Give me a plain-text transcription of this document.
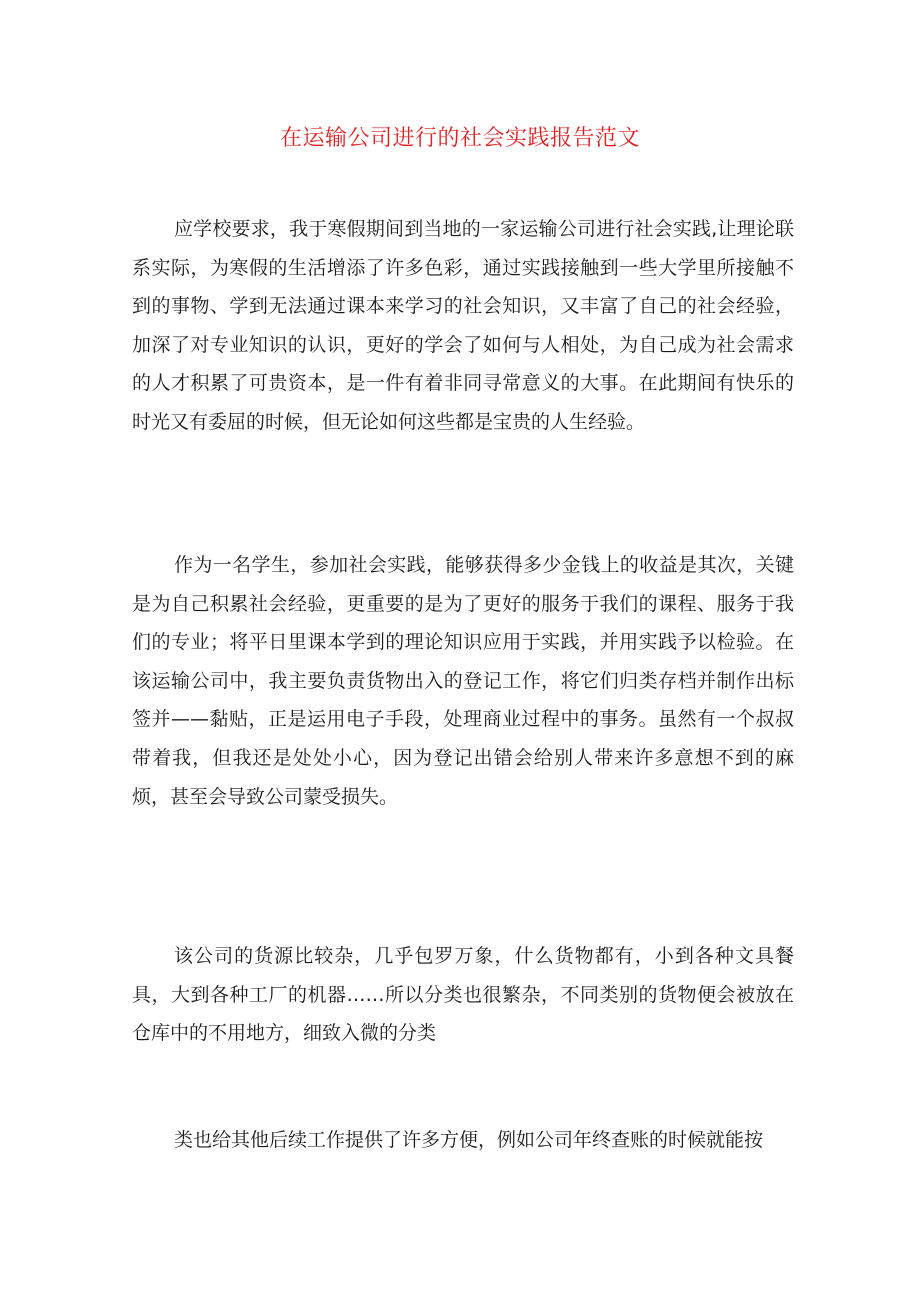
在运输公司进行的社会实践报告范文

应学校要求，我于寒假期间到当地的一家运输公司进行社会实践,让理论联系实际，为寒假的生活增添了许多色彩，通过实践接触到一些大学里所接触不到的事物、学到无法通过课本来学习的社会知识，又丰富了自己的社会经验，加深了对专业知识的认识，更好的学会了如何与人相处，为自己成为社会需求的人才积累了可贵资本，是一件有着非同寻常意义的大事。在此期间有快乐的时光又有委屈的时候，但无论如何这些都是宝贵的人生经验。

作为一名学生，参加社会实践，能够获得多少金钱上的收益是其次，关键是为自己积累社会经验，更重要的是为了更好的服务于我们的课程、服务于我们的专业；将平日里课本学到的理论知识应用于实践，并用实践予以检验。在该运输公司中，我主要负责货物出入的登记工作，将它们归类存档并制作出标签并——黏贴，正是运用电子手段，处理商业过程中的事务。虽然有一个叔叔带着我，但我还是处处小心，因为登记出错会给别人带来许多意想不到的麻烦，甚至会导致公司蒙受损失。

该公司的货源比较杂，几乎包罗万象，什么货物都有，小到各种文具餐具，大到各种工厂的机器……所以分类也很繁杂，不同类别的货物便会被放在仓库中的不用地方，细致入微的分类

类也给其他后续工作提供了许多方便，例如公司年终查账的时候就能按
